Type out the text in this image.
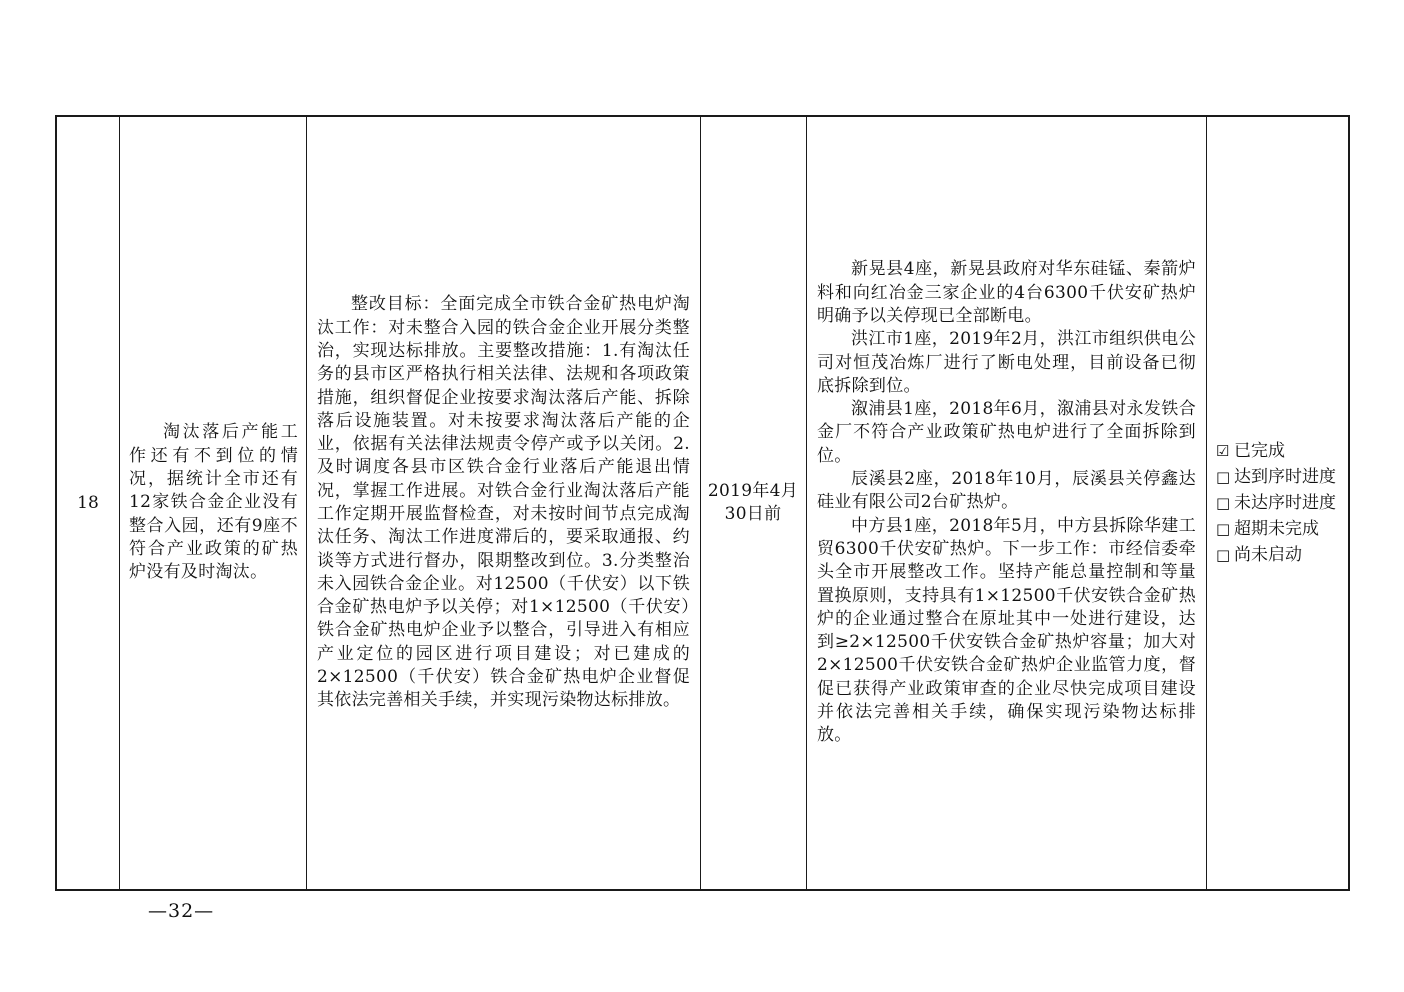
18

淘汰落后产能工作还有不到位的情况，据统计全市还有12家铁合金企业没有整合入园，还有9座不符合产业政策的矿热炉没有及时淘汰。

整改目标：全面完成全市铁合金矿热电炉淘汰工作：对未整合入园的铁合金企业开展分类整治，实现达标排放。主要整改措施：1.有淘汰任务的县市区严格执行相关法律、法规和各项政策措施，组织督促企业按要求淘汰落后产能、拆除落后设施装置。对未按要求淘汰落后产能的企业，依据有关法律法规责令停产或予以关闭。2.及时调度各县市区铁合金行业落后产能退出情况，掌握工作进展。对铁合金行业淘汰落后产能工作定期开展监督检查，对未按时间节点完成淘汰任务、淘汰工作进度滞后的，要采取通报、约谈等方式进行督办，限期整改到位。3.分类整治未入园铁合金企业。对12500（千伏安）以下铁合金矿热电炉予以关停；对1×12500（千伏安）铁合金矿热电炉企业予以整合，引导进入有相应产业定位的园区进行项目建设；对已建成的2×12500（千伏安）铁合金矿热电炉企业督促其依法完善相关手续，并实现污染物达标排放。

2019年4月30日前

新晃县4座，新晃县政府对华东硅锰、秦箭炉料和向红冶金三家企业的4台6300千伏安矿热炉明确予以关停现已全部断电。

洪江市1座，2019年2月，洪江市组织供电公司对恒茂冶炼厂进行了断电处理，目前设备已彻底拆除到位。

溆浦县1座，2018年6月，溆浦县对永发铁合金厂不符合产业政策矿热电炉进行了全面拆除到位。

辰溪县2座，2018年10月，辰溪县关停鑫达硅业有限公司2台矿热炉。

中方县1座，2018年5月，中方县拆除华建工贸6300千伏安矿热炉。下一步工作：市经信委牵头全市开展整改工作。坚持产能总量控制和等量置换原则，支持具有1×12500千伏安铁合金矿热炉的企业通过整合在原址其中一处进行建设，达到≥2×12500千伏安铁合金矿热炉容量；加大对2×12500千伏安铁合金矿热炉企业监管力度，督促已获得产业政策审查的企业尽快完成项目建设并依法完善相关手续，确保实现污染物达标排放。

☑ 已完成
□ 达到序时进度
□ 未达序时进度
□ 超期未完成
□ 尚未启动
—32—
